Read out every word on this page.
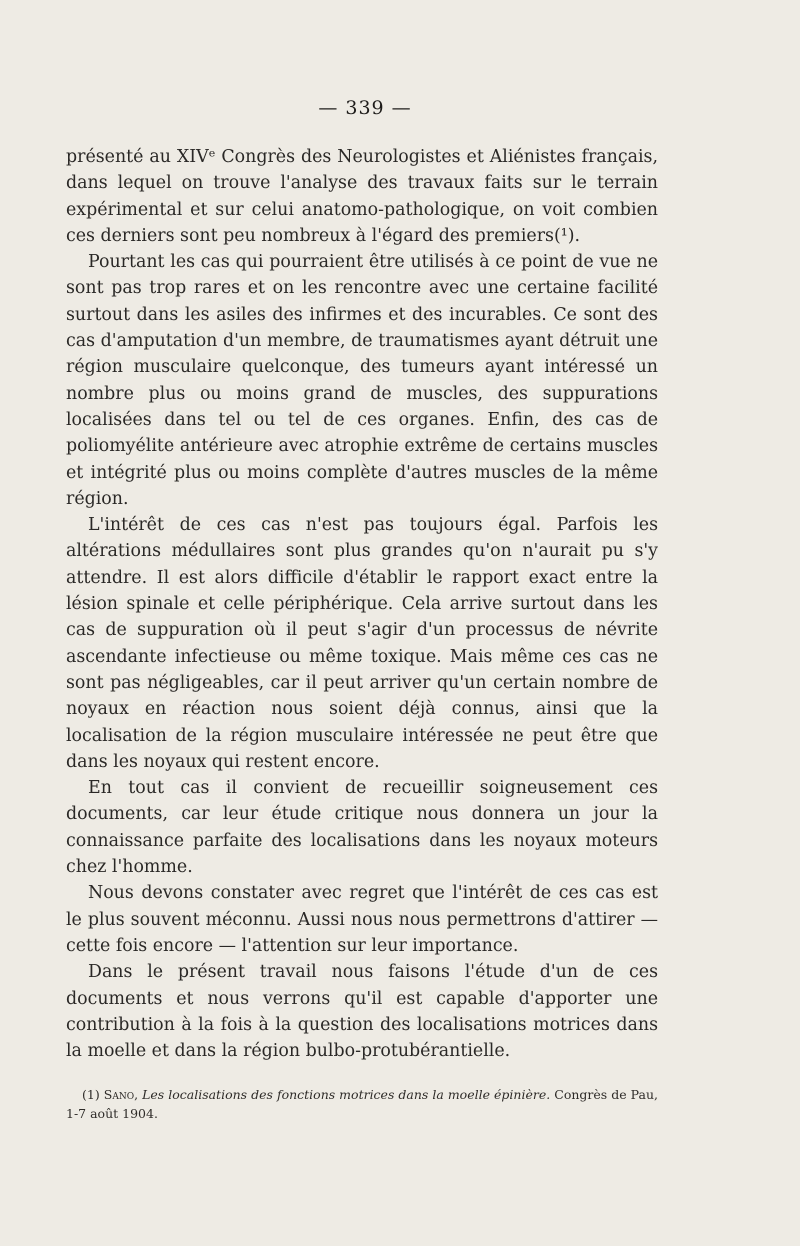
— 339 —

présenté au XIVᵉ Congrès des Neurologistes et Aliénistes français, dans lequel on trouve l'analyse des travaux faits sur le terrain expérimental et sur celui anatomo-pathologique, on voit combien ces derniers sont peu nombreux à l'égard des premiers(¹).

Pourtant les cas qui pourraient être utilisés à ce point de vue ne sont pas trop rares et on les rencontre avec une certaine facilité surtout dans les asiles des infirmes et des incurables. Ce sont des cas d'amputation d'un membre, de traumatismes ayant détruit une région musculaire quelconque, des tumeurs ayant intéressé un nombre plus ou moins grand de muscles, des suppurations localisées dans tel ou tel de ces organes. Enfin, des cas de poliomyélite antérieure avec atrophie extrême de certains muscles et intégrité plus ou moins complète d'autres muscles de la même région.

L'intérêt de ces cas n'est pas toujours égal. Parfois les altérations médullaires sont plus grandes qu'on n'aurait pu s'y attendre. Il est alors difficile d'établir le rapport exact entre la lésion spinale et celle périphérique. Cela arrive surtout dans les cas de suppuration où il peut s'agir d'un processus de névrite ascendante infectieuse ou même toxique. Mais même ces cas ne sont pas négligeables, car il peut arriver qu'un certain nombre de noyaux en réaction nous soient déjà connus, ainsi que la localisation de la région musculaire intéressée ne peut être que dans les noyaux qui restent encore.

En tout cas il convient de recueillir soigneusement ces documents, car leur étude critique nous donnera un jour la connaissance parfaite des localisations dans les noyaux moteurs chez l'homme.

Nous devons constater avec regret que l'intérêt de ces cas est le plus souvent méconnu. Aussi nous nous permettrons d'attirer — cette fois encore — l'attention sur leur importance.

Dans le présent travail nous faisons l'étude d'un de ces documents et nous verrons qu'il est capable d'apporter une contribution à la fois à la question des localisations motrices dans la moelle et dans la région bulbo-protubérantielle.

(1) Sano, Les localisations des fonctions motrices dans la moelle épinière. Congrès de Pau, 1-7 août 1904.
